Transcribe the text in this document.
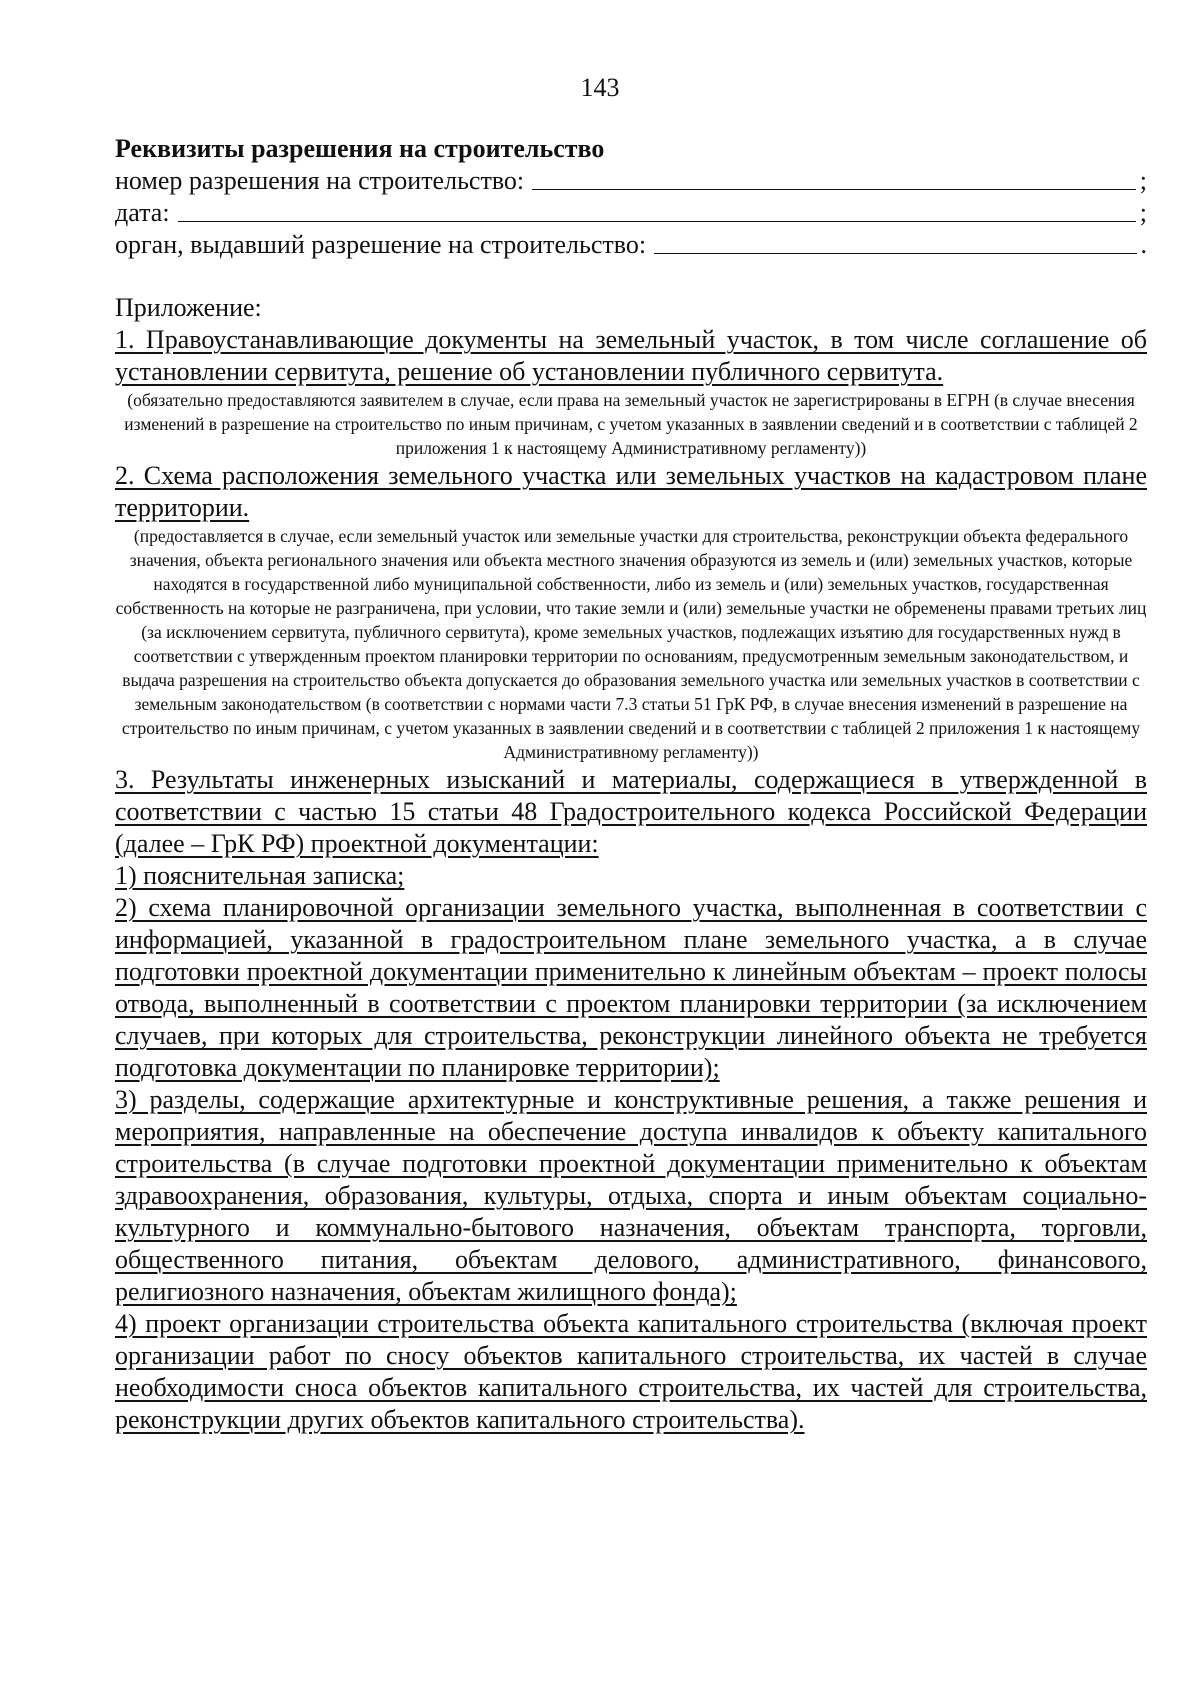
143
Реквизиты разрешения на строительство
номер разрешения на строительство:	;
дата:	;
орган, выдавший разрешение на строительство:	.
Приложение:
1. Правоустанавливающие документы на земельный участок, в том числе соглашение об установлении сервитута, решение об установлении публичного сервитута.
(обязательно предоставляются заявителем в случае, если права на земельный участок не зарегистрированы в ЕГРН (в случае внесения изменений в разрешение на строительство по иным причинам, с учетом указанных в заявлении сведений и в соответствии с таблицей 2 приложения 1 к настоящему Административному регламенту))
2. Схема расположения земельного участка или земельных участков на кадастровом плане территории.
(предоставляется в случае, если земельный участок или земельные участки для строительства, реконструкции объекта федерального значения, объекта регионального значения или объекта местного значения образуются из земель и (или) земельных участков, которые находятся в государственной либо муниципальной собственности, либо из земель и (или) земельных участков, государственная собственность на которые не разграничена, при условии, что такие земли и (или) земельные участки не обременены правами третьих лиц (за исключением сервитута, публичного сервитута), кроме земельных участков, подлежащих изъятию для государственных нужд в соответствии с утвержденным проектом планировки территории по основаниям, предусмотренным земельным законодательством, и выдача разрешения на строительство объекта допускается до образования земельного участка или земельных участков в соответствии с земельным законодательством (в соответствии с нормами части 7.3 статьи 51 ГрК РФ, в случае внесения изменений в разрешение на строительство по иным причинам, с учетом указанных в заявлении сведений и в соответствии с таблицей 2 приложения 1 к настоящему Административному регламенту))
3. Результаты инженерных изысканий и материалы, содержащиеся в утвержденной в соответствии с частью 15 статьи 48 Градостроительного кодекса Российской Федерации (далее – ГрК РФ) проектной документации:
1) пояснительная записка;
2) схема планировочной организации земельного участка, выполненная в соответствии с информацией, указанной в градостроительном плане земельного участка, а в случае подготовки проектной документации применительно к линейным объектам – проект полосы отвода, выполненный в соответствии с проектом планировки территории (за исключением случаев, при которых для строительства, реконструкции линейного объекта не требуется подготовка документации по планировке территории);
3) разделы, содержащие архитектурные и конструктивные решения, а также решения и мероприятия, направленные на обеспечение доступа инвалидов к объекту капитального строительства (в случае подготовки проектной документации применительно к объектам здравоохранения, образования, культуры, отдыха, спорта и иным объектам социально-культурного и коммунально-бытового назначения, объектам транспорта, торговли, общественного питания, объектам делового, административного, финансового, религиозного назначения, объектам жилищного фонда);
4) проект организации строительства объекта капитального строительства (включая проект организации работ по сносу объектов капитального строительства, их частей в случае необходимости сноса объектов капитального строительства, их частей для строительства, реконструкции других объектов капитального строительства).
